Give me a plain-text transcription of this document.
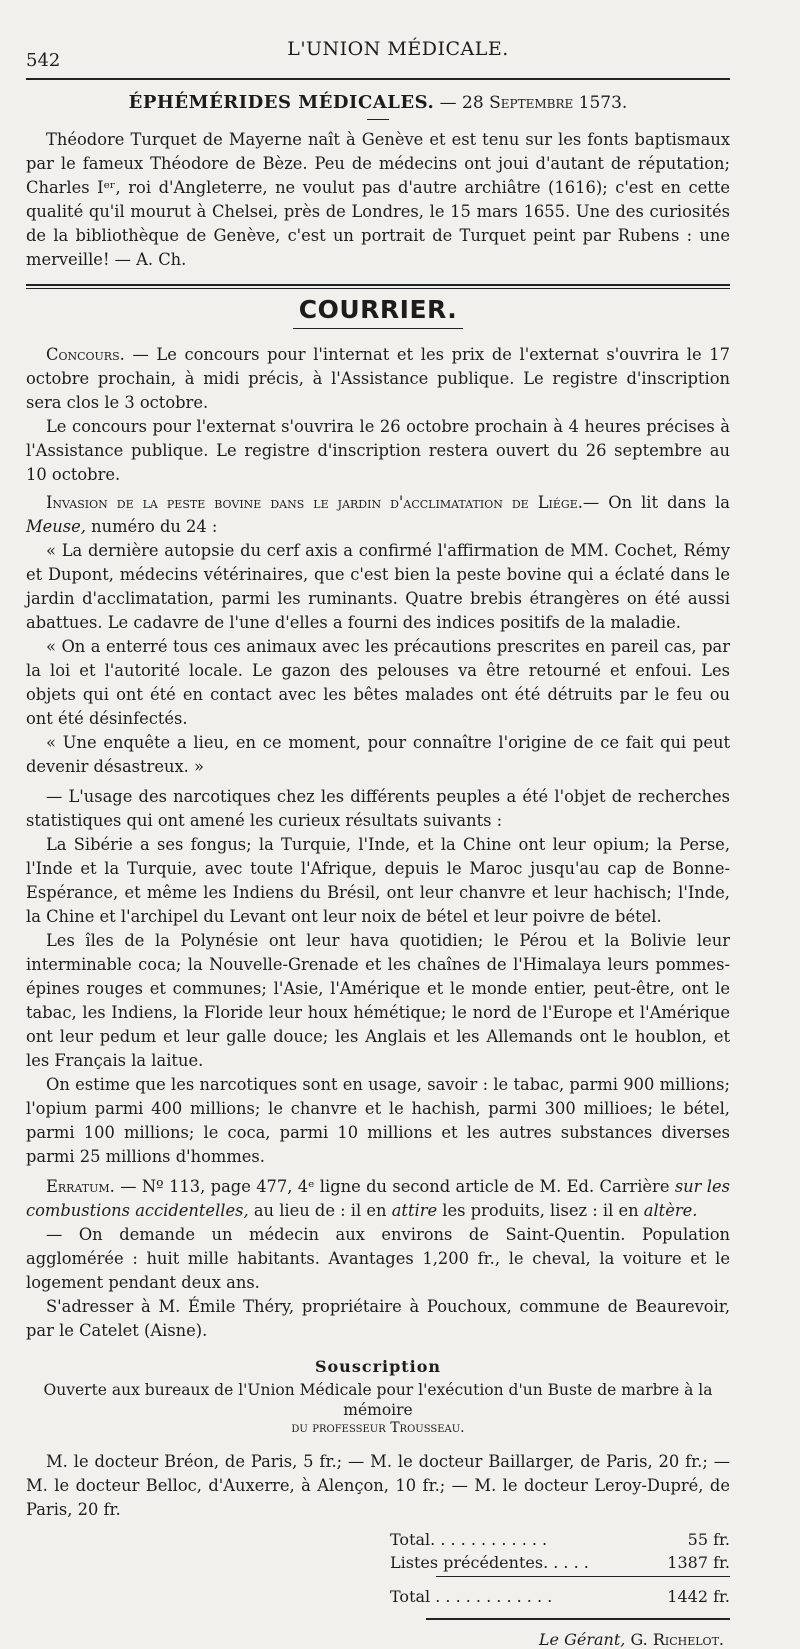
542
L'UNION MÉDICALE.
ÉPHÉMÉRIDES MÉDICALES. — 28 Septembre 1573.

Théodore Turquet de Mayerne naît à Genève et est tenu sur les fonts baptismaux par le fameux Théodore de Bèze. Peu de médecins ont joui d'autant de réputation; Charles Iᵉʳ, roi d'Angleterre, ne voulut pas d'autre archiâtre (1616); c'est en cette qualité qu'il mourut à Chelsei, près de Londres, le 15 mars 1655. Une des curiosités de la bibliothèque de Genève, c'est un portrait de Turquet peint par Rubens : une merveille! — A. Ch.

COURRIER.

Concours. — Le concours pour l'internat et les prix de l'externat s'ouvrira le 17 octobre prochain, à midi précis, à l'Assistance publique. Le registre d'inscription sera clos le 3 octobre.

Le concours pour l'externat s'ouvrira le 26 octobre prochain à 4 heures précises à l'Assistance publique. Le registre d'inscription restera ouvert du 26 septembre au 10 octobre.

Invasion de la peste bovine dans le jardin d'acclimatation de Liége.— On lit dans la Meuse, numéro du 24 :

« La dernière autopsie du cerf axis a confirmé l'affirmation de MM. Cochet, Rémy et Dupont, médecins vétérinaires, que c'est bien la peste bovine qui a éclaté dans le jardin d'acclimatation, parmi les ruminants. Quatre brebis étrangères on été aussi abattues. Le cadavre de l'une d'elles a fourni des indices positifs de la maladie.

« On a enterré tous ces animaux avec les précautions prescrites en pareil cas, par la loi et l'autorité locale. Le gazon des pelouses va être retourné et enfoui. Les objets qui ont été en contact avec les bêtes malades ont été détruits par le feu ou ont été désinfectés.

« Une enquête a lieu, en ce moment, pour connaître l'origine de ce fait qui peut devenir désastreux. »

— L'usage des narcotiques chez les différents peuples a été l'objet de recherches statistiques qui ont amené les curieux résultats suivants :

La Sibérie a ses fongus; la Turquie, l'Inde, et la Chine ont leur opium; la Perse, l'Inde et la Turquie, avec toute l'Afrique, depuis le Maroc jusqu'au cap de Bonne-Espérance, et même les Indiens du Brésil, ont leur chanvre et leur hachisch; l'Inde, la Chine et l'archipel du Levant ont leur noix de bétel et leur poivre de bétel.

Les îles de la Polynésie ont leur hava quotidien; le Pérou et la Bolivie leur interminable coca; la Nouvelle-Grenade et les chaînes de l'Himalaya leurs pommes-épines rouges et communes; l'Asie, l'Amérique et le monde entier, peut-être, ont le tabac, les Indiens, la Floride leur houx hémétique; le nord de l'Europe et l'Amérique ont leur pedum et leur galle douce; les Anglais et les Allemands ont le houblon, et les Français la laitue.

On estime que les narcotiques sont en usage, savoir : le tabac, parmi 900 millions; l'opium parmi 400 millions; le chanvre et le hachish, parmi 300 millioes; le bétel, parmi 100 millions; le coca, parmi 10 millions et les autres substances diverses parmi 25 millions d'hommes.

Erratum. — Nº 113, page 477, 4ᵉ ligne du second article de M. Ed. Carrière sur les combustions accidentelles, au lieu de : il en attire les produits, lisez : il en altère.

— On demande un médecin aux environs de Saint-Quentin. Population agglomérée : huit mille habitants. Avantages 1,200 fr., le cheval, la voiture et le logement pendant deux ans.

S'adresser à M. Émile Théry, propriétaire à Pouchoux, commune de Beaurevoir, par le Catelet (Aisne).

Souscription
Ouverte aux bureaux de l'Union Médicale pour l'exécution d'un Buste de marbre à la mémoire
du professeur Trousseau.

M. le docteur Bréon, de Paris, 5 fr.; — M. le docteur Baillarger, de Paris, 20 fr.; — M. le docteur Belloc, d'Auxerre, à Alençon, 10 fr.; — M. le docteur Leroy-Dupré, de Paris, 20 fr.

Total. . . . . . . . . . . .	55 fr.
Listes précédentes. . . . .	1387 fr.
Total . . . . . . . . . . . .	1442 fr.
Le Gérant, G. Richelot.
